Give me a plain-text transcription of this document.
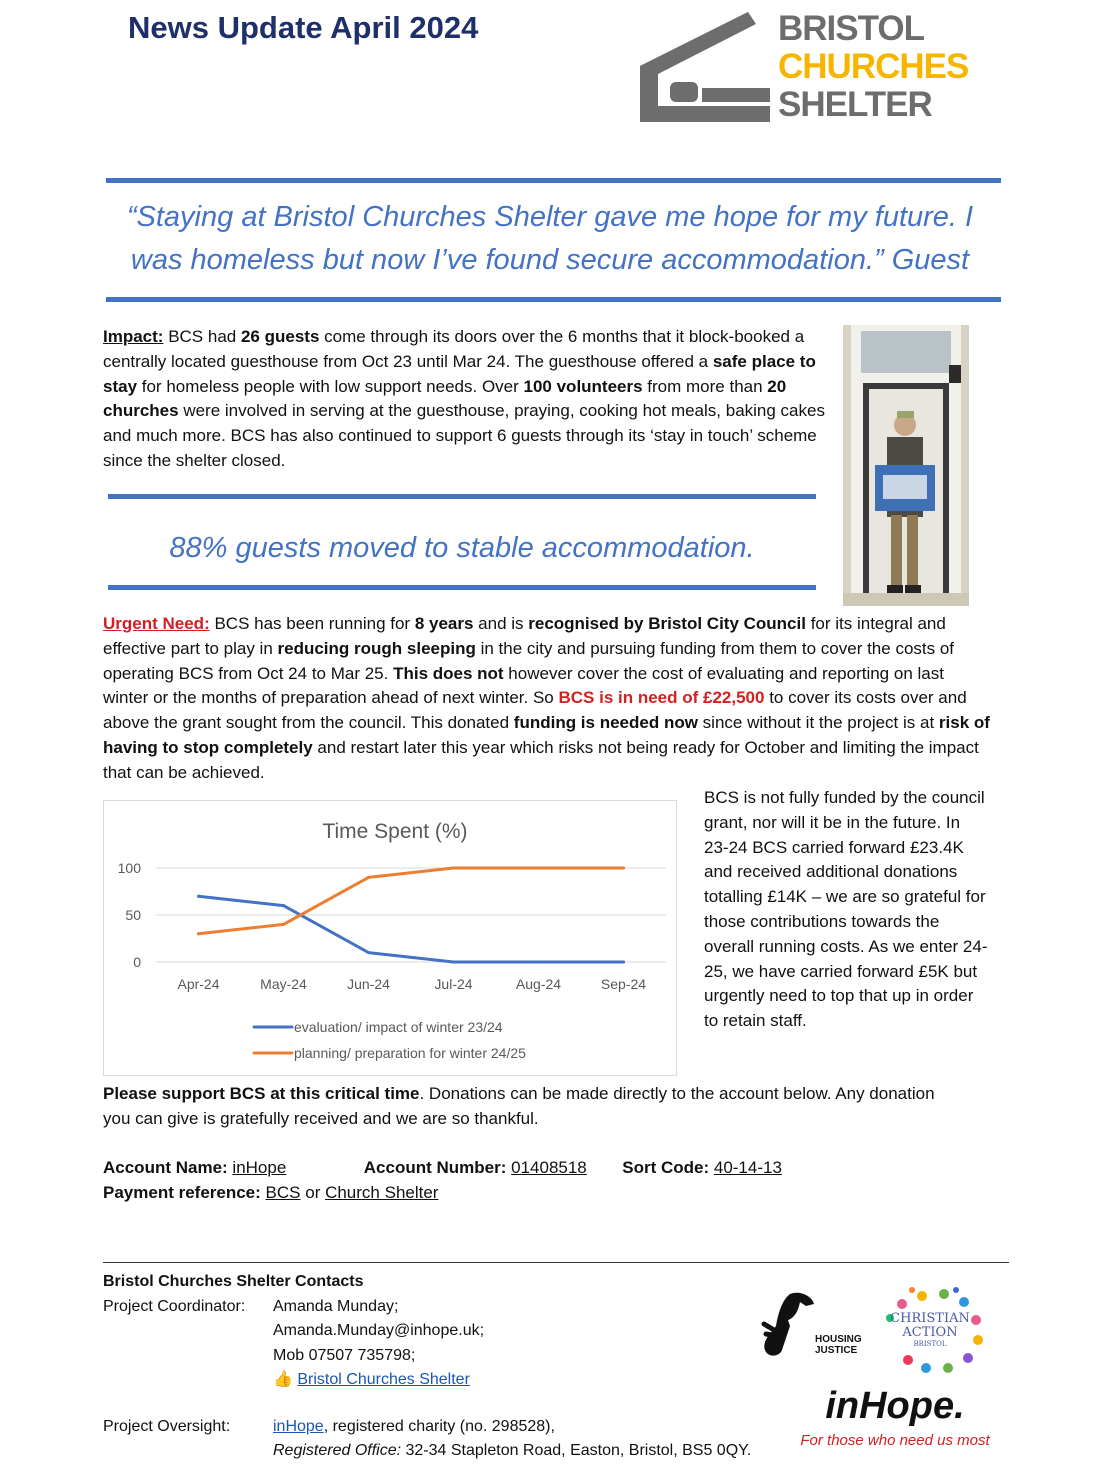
News Update April 2024	BRISTOL
CHURCHES
SHELTER
“Staying at Bristol Churches Shelter gave me hope for my future. I
was homeless but now I’ve found secure accommodation.” Guest
Impact: BCS had 26 guests come through its doors over the 6 months that it block-booked a centrally located guesthouse from Oct 23 until Mar 24. The guesthouse offered a safe place to stay for homeless people with low support needs. Over 100 volunteers from more than 20 churches were involved in serving at the guesthouse, praying, cooking hot meals, baking cakes and much more. BCS has also continued to support 6 guests through its ‘stay in touch’ scheme since the shelter closed.
88% guests moved to stable accommodation.
Urgent Need: BCS has been running for 8 years and is recognised by Bristol City Council for its integral and effective part to play in reducing rough sleeping in the city and pursuing funding from them to cover the costs of operating BCS from Oct 24 to Mar 25. This does not however cover the cost of evaluating and reporting on last winter or the months of preparation ahead of next winter. So BCS is in need of £22,500 to cover its costs over and above the grant sought from the council. This donated funding is needed now since without it the project is at risk of having to stop completely and restart later this year which risks not being ready for October and limiting the impact that can be achieved.
Time Spent (%)
0
50
100
Apr-24	May-24	Jun-24	Jul-24	Aug-24	Sep-24
evaluation/ impact of winter 23/24
planning/ preparation for winter 24/25
BCS is not fully funded by the council grant, nor will it be in the future. In 23-24 BCS carried forward £23.4K and received additional donations totalling £14K – we are so grateful for those contributions towards the overall running costs. As we enter 24-25, we have carried forward £5K but urgently need to top that up in order to retain staff.
Please support BCS at this critical time. Donations can be made directly to the account below. Any donation you can give is gratefully received and we are so thankful.
Account Name: inHope	Account Number: 01408518 Sort Code: 40-14-13
Payment reference: BCS or Church Shelter
Bristol Churches Shelter Contacts
Project Coordinator:	Amanda Munday;
Amanda.Munday@inhope.uk;
Mob 07507 735798;
👍 Bristol Churches Shelter
Project Oversight:	inHope, registered charity (no. 298528),
Registered Office: 32-34 Stapleton Road, Easton, Bristol, BS5 0QY.
HOUSING
JUSTICE
CHRISTIAN
ACTION
BRISTOL
inHope.
For those who need us most
